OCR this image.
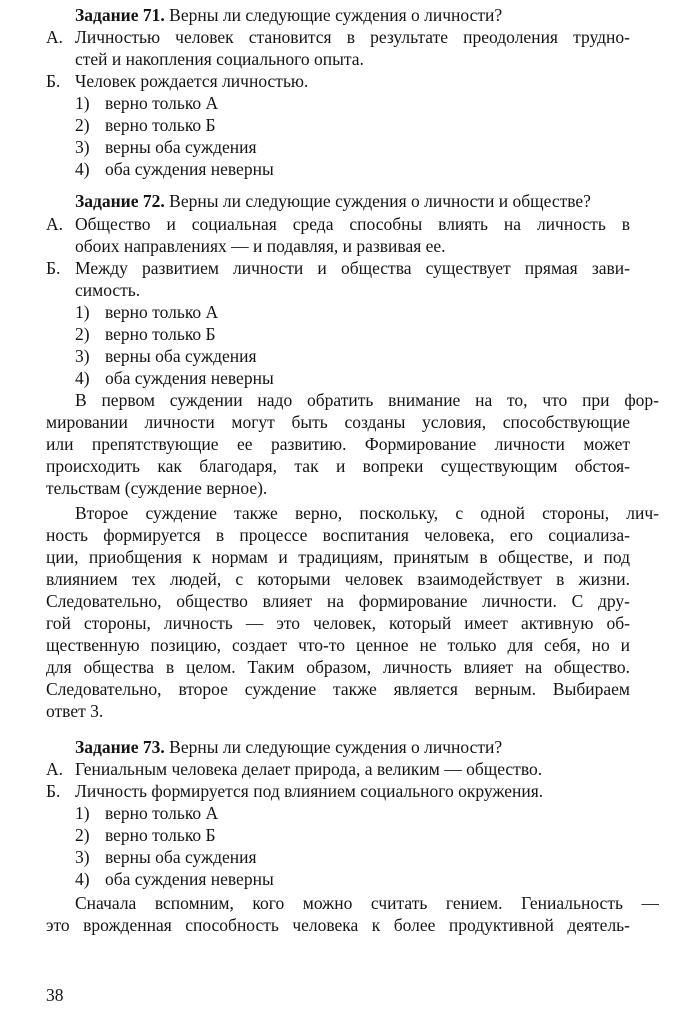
Задание 71. Верны ли следующие суждения о личности?
А. Личностью человек становится в результате преодоления трудно-
стей и накопления социального опыта.
Б. Человек рождается личностью.
1) верно только А
2) верно только Б
3) верны оба суждения
4) оба суждения неверны
Задание 72. Верны ли следующие суждения о личности и обществе?
А. Общество и социальная среда способны влиять на личность в
обоих направлениях — и подавляя, и развивая ее.
Б. Между развитием личности и общества существует прямая зави-
симость.
1) верно только А
2) верно только Б
3) верны оба суждения
4) оба суждения неверны
В первом суждении надо обратить внимание на то, что при фор-
мировании личности могут быть созданы условия, способствующие
или препятствующие ее развитию. Формирование личности может
происходить как благодаря, так и вопреки существующим обстоя-
тельствам (суждение верное).
Второе суждение также верно, поскольку, с одной стороны, лич-
ность формируется в процессе воспитания человека, его социализа-
ции, приобщения к нормам и традициям, принятым в обществе, и под
влиянием тех людей, с которыми человек взаимодействует в жизни.
Следовательно, общество влияет на формирование личности. С дру-
гой стороны, личность — это человек, который имеет активную об-
щественную позицию, создает что-то ценное не только для себя, но и
для общества в целом. Таким образом, личность влияет на общество.
Следовательно, второе суждение также является верным. Выбираем
ответ 3.
Задание 73. Верны ли следующие суждения о личности?
А. Гениальным человека делает природа, а великим — общество.
Б. Личность формируется под влиянием социального окружения.
1) верно только А
2) верно только Б
3) верны оба суждения
4) оба суждения неверны
Сначала вспомним, кого можно считать гением. Гениальность —
это врожденная способность человека к более продуктивной деятель-
38
